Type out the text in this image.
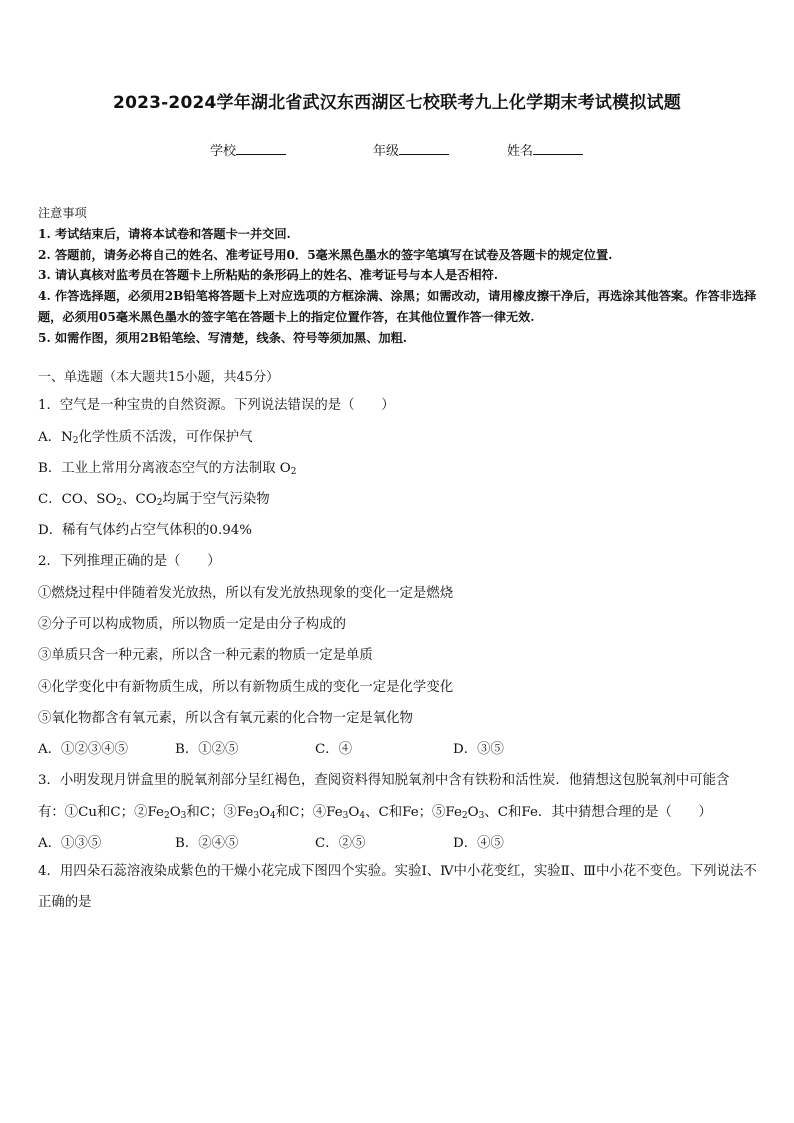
2023-2024学年湖北省武汉东西湖区七校联考九上化学期末考试模拟试题
学校	年级	姓名
注意事项
1. 考试结束后，请将本试卷和答题卡一并交回.
2. 答题前，请务必将自己的姓名、准考证号用0．5毫米黑色墨水的签字笔填写在试卷及答题卡的规定位置.
3. 请认真核对监考员在答题卡上所粘贴的条形码上的姓名、准考证号与本人是否相符.
4. 作答选择题，必须用2B铅笔将答题卡上对应选项的方框涂满、涂黑；如需改动，请用橡皮擦干净后，再选涂其他答案。作答非选择题，必须用05毫米黑色墨水的签字笔在答题卡上的指定位置作答，在其他位置作答一律无效.
5. 如需作图，须用2B铅笔绘、写清楚，线条、符号等须加黑、加粗.
一、单选题（本大题共15小题，共45分）
1．空气是一种宝贵的自然资源。下列说法错误的是（　　）
A．$N_2$化学性质不活泼，可作保护气
B．工业上常用分离液态空气的方法制取 $O_2$
C．CO、$SO_2$、$CO_2$均属于空气污染物
D．稀有气体约占空气体积的0.94%
2．下列推理正确的是（　　）
①燃烧过程中伴随着发光放热，所以有发光放热现象的变化一定是燃烧
②分子可以构成物质，所以物质一定是由分子构成的
③单质只含一种元素，所以含一种元素的物质一定是单质
④化学变化中有新物质生成，所以有新物质生成的变化一定是化学变化
⑤氧化物都含有氧元素，所以含有氧元素的化合物一定是氧化物
A．①②③④⑤	B．①②⑤	C．④	D．③⑤
3．小明发现月饼盒里的脱氧剂部分呈红褐色，查阅资料得知脱氧剂中含有铁粉和活性炭．他猜想这包脱氧剂中可能含
有：①Cu和C；$②Fe_2O_3$和C；$③Fe_3O_4$和C；$④Fe_3O_4$、C和Fe；$⑤Fe_2O_3$、C和Fe．其中猜想合理的是（　　）
A．①③⑤	B．②④⑤	C．②⑤	D．④⑤
4．用四朵石蕊溶液染成紫色的干燥小花完成下图四个实验。实验Ⅰ、Ⅳ中小花变红，实验Ⅱ、Ⅲ中小花不变色。下列说法不正确的是
